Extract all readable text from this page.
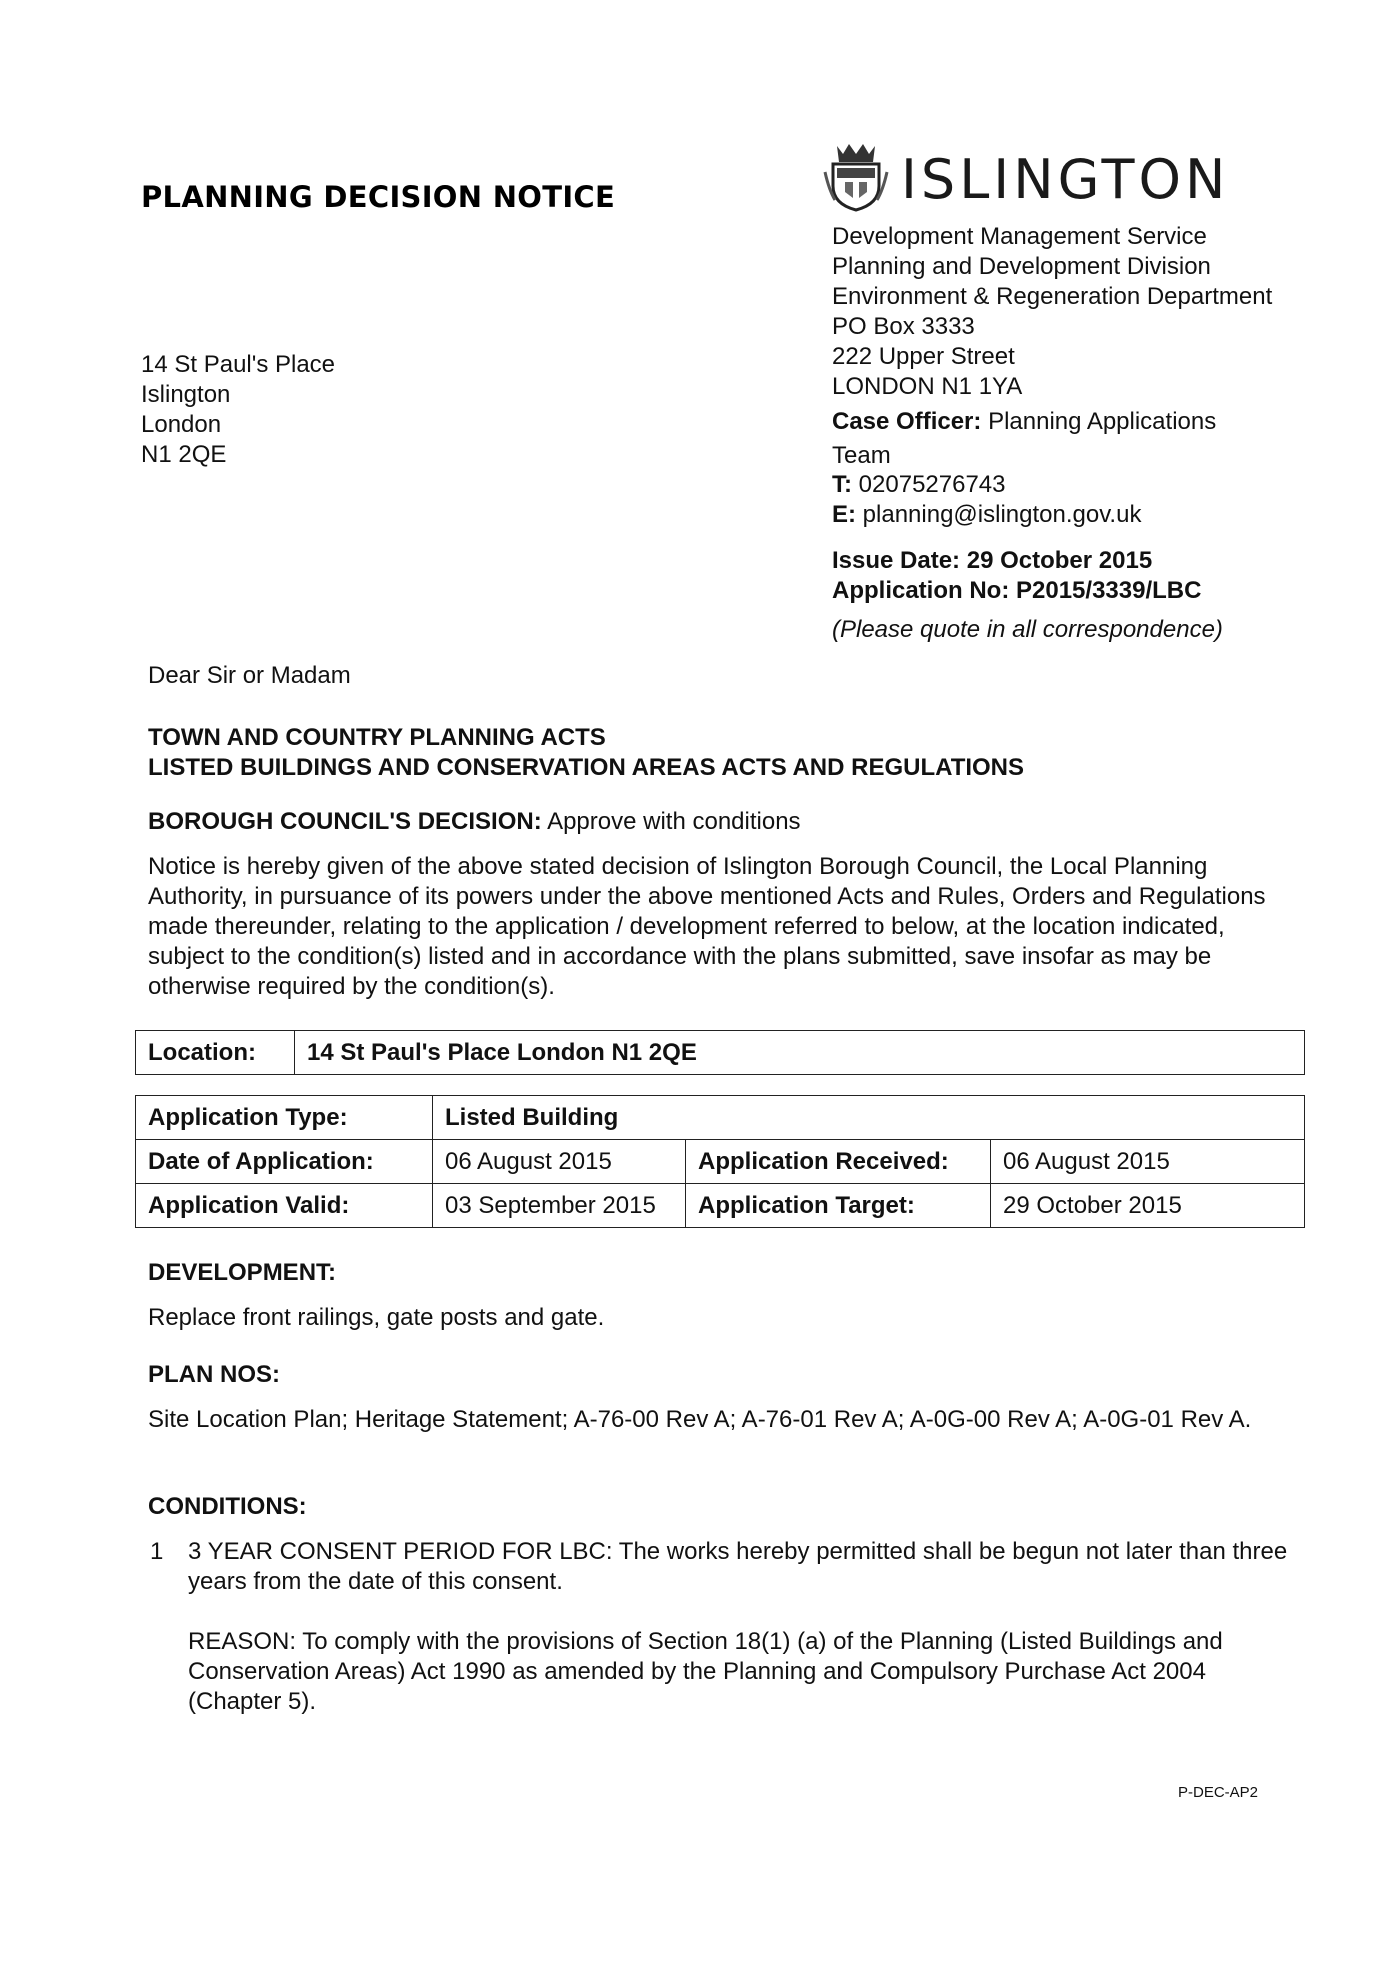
PLANNING DECISION NOTICE	ISLINGTON
14 St Paul's Place
Islington
London
N1 2QE
Development Management Service
Planning and Development Division
Environment & Regeneration Department
PO Box 3333
222 Upper Street
LONDON N1 1YA
Case Officer: Planning Applications Team
T: 02075276743
E: planning@islington.gov.uk
Issue Date: 29 October 2015
Application No: P2015/3339/LBC
(Please quote in all correspondence)
Dear Sir or Madam
TOWN AND COUNTRY PLANNING ACTS
LISTED BUILDINGS AND CONSERVATION AREAS ACTS AND REGULATIONS
BOROUGH COUNCIL'S DECISION: Approve with conditions
Notice is hereby given of the above stated decision of Islington Borough Council, the Local Planning Authority, in pursuance of its powers under the above mentioned Acts and Rules, Orders and Regulations made thereunder, relating to the application / development referred to below, at the location indicated, subject to the condition(s) listed and in accordance with the plans submitted, save insofar as may be otherwise required by the condition(s).
Location:	14 St Paul's Place London N1 2QE
Application Type:	Listed Building		
Date of Application:	06 August 2015	Application Received:	06 August 2015
Application Valid:	03 September 2015	Application Target:	29 October 2015
DEVELOPMENT:
Replace front railings, gate posts and gate.
PLAN NOS:
Site Location Plan; Heritage Statement; A-76-00 Rev A; A-76-01 Rev A; A-0G-00 Rev A; A-0G-01 Rev A.
CONDITIONS:
1 3 YEAR CONSENT PERIOD FOR LBC: The works hereby permitted shall be begun not later than three years from the date of this consent.
REASON: To comply with the provisions of Section 18(1) (a) of the Planning (Listed Buildings and Conservation Areas) Act 1990 as amended by the Planning and Compulsory Purchase Act 2004 (Chapter 5).
P-DEC-AP2
